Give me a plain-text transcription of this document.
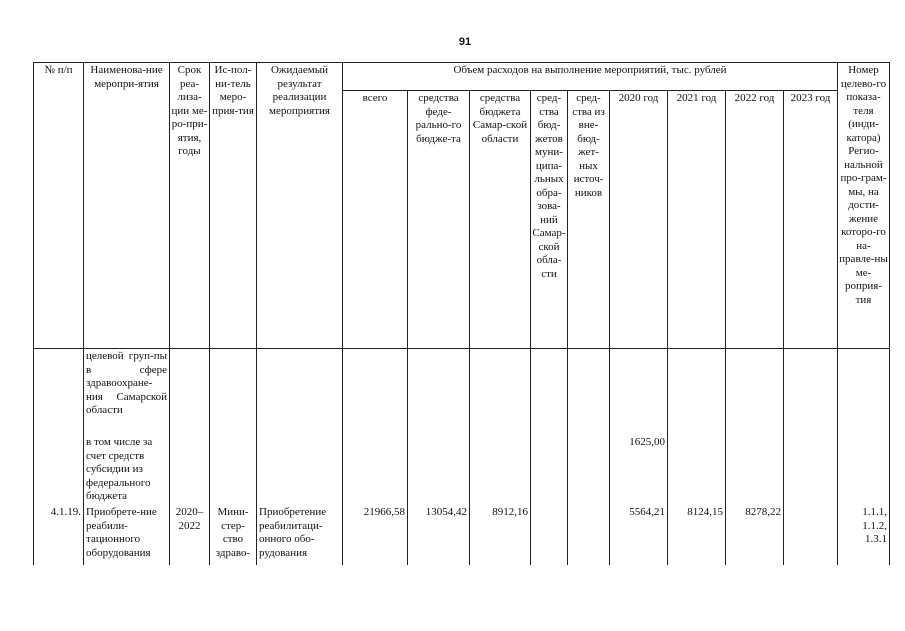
91
№ п/п	Наименова-ние меропри-ятия	Срок реа-лиза-ции ме-ро-при-ятия, годы	Ис-пол-ни-тель меро-прия-тия	Ожидаемый результат реализации мероприятия	Объем расходов на выполнение мероприятий, тыс. рублей									Номер целево-го показа-теля (инди-катора) Регио-нальной про-грам-мы, на дости-жение которо-го на-правле-ны ме-роприя-тия
					всего	средства феде-рально-го бюдже-та	средства бюджета Самар-ской области	сред-ства бюд-жетов муни-ципа-льных обра-зова-ний Самар-ской обла-сти	сред-ства из вне-бюд-жет-ных источ-ников	2020 год	2021 год	2022 год	2023 год	
	целевой груп-пы в сфере здравоохране-ния Самарской области													

	в том числе за счет средств субсидии из федерального бюджета									1625,00				
4.1.19.	Приобрете-ние реабили-тационного оборудования	2020–2022	Мини-стер-ство здраво-	Приобретение реабилитаци-онного обо-рудования	21966,58	13054,42	8912,16			5564,21	8124,15	8278,22		1.1.1, 1.1.2, 1.3.1
